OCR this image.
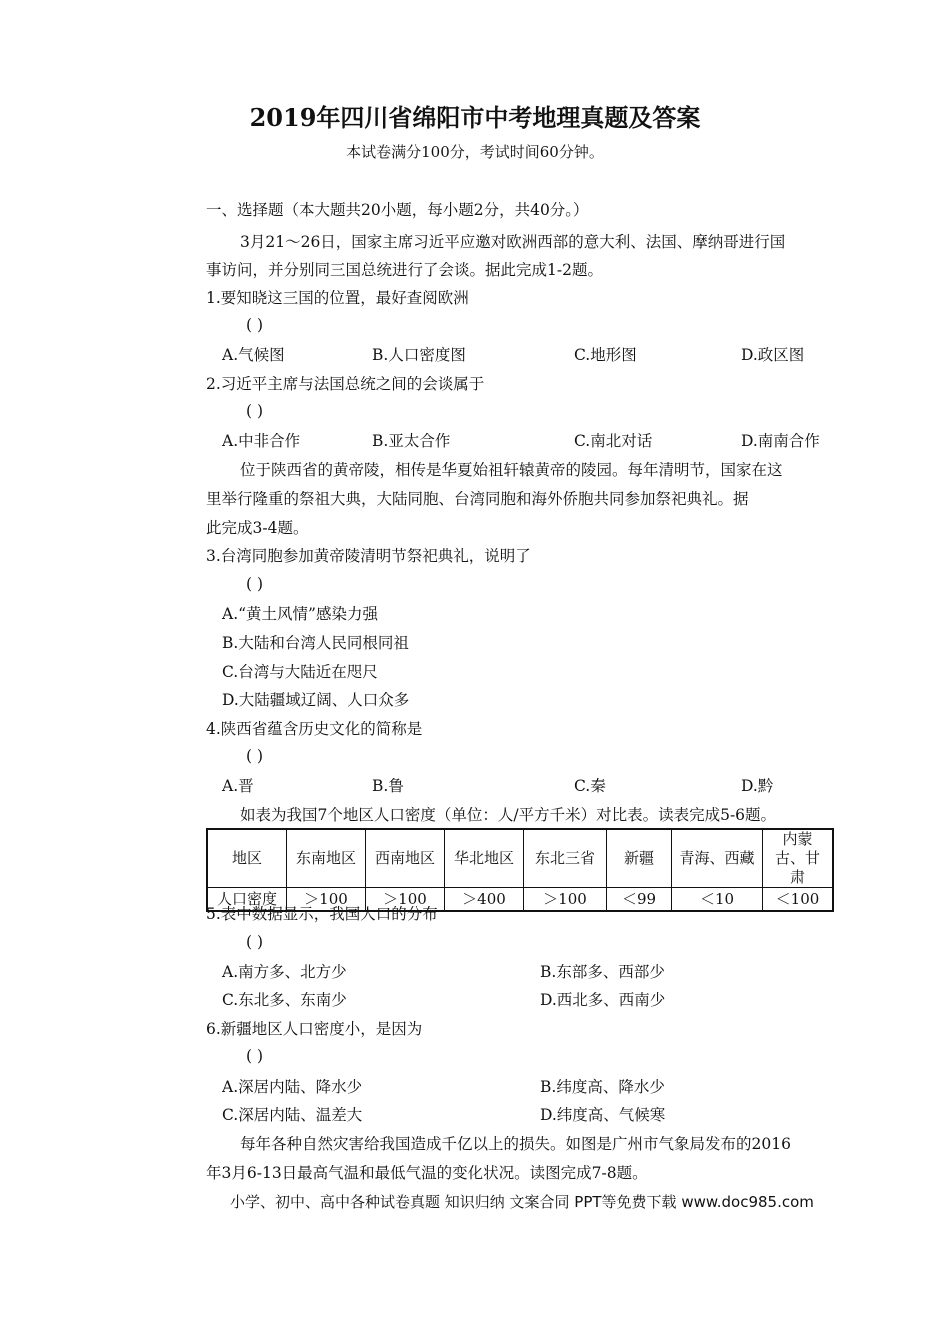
2019年四川省绵阳市中考地理真题及答案
本试卷满分100分，考试时间60分钟。
一、选择题（本大题共20小题，每小题2分，共40分。）
3月21～26日，国家主席习近平应邀对欧洲西部的意大利、法国、摩纳哥进行国
事访问，并分别同三国总统进行了会谈。据此完成1-2题。
1.要知晓这三国的位置，最好查阅欧洲
( )
A.气候图	B.人口密度图	C.地形图	D.政区图
2.习近平主席与法国总统之间的会谈属于
( )
A.中非合作	B.亚太合作	C.南北对话	D.南南合作
位于陕西省的黄帝陵，相传是华夏始祖轩辕黄帝的陵园。每年清明节，国家在这
里举行隆重的祭祖大典，大陆同胞、台湾同胞和海外侨胞共同参加祭祀典礼。据
此完成3-4题。
3.台湾同胞参加黄帝陵清明节祭祀典礼，说明了
( )
A.“黄土风情”感染力强
B.大陆和台湾人民同根同祖
C.台湾与大陆近在咫尺
D.大陆疆域辽阔、人口众多
4.陕西省蕴含历史文化的简称是
( )
A.晋	B.鲁	C.秦	D.黔
如表为我国7个地区人口密度（单位：人/平方千米）对比表。读表完成5-6题。
地区	东南地区	西南地区	华北地区	东北三省	新疆	青海、西藏	内蒙古、甘肃
人口密度	＞100	＞100	＞400	＞100	＜99	＜10	＜100
5.表中数据显示，我国人口的分布
( )
A.南方多、北方少	B.东部多、西部少
C.东北多、东南少	D.西北多、西南少
6.新疆地区人口密度小，是因为
( )
A.深居内陆、降水少	B.纬度高、降水少
C.深居内陆、温差大	D.纬度高、气候寒
每年各种自然灾害给我国造成千亿以上的损失。如图是广州市气象局发布的2016
年3月6-13日最高气温和最低气温的变化状况。读图完成7-8题。
小学、初中、高中各种试卷真题 知识归纳 文案合同 PPT等免费下载 www.doc985.com
